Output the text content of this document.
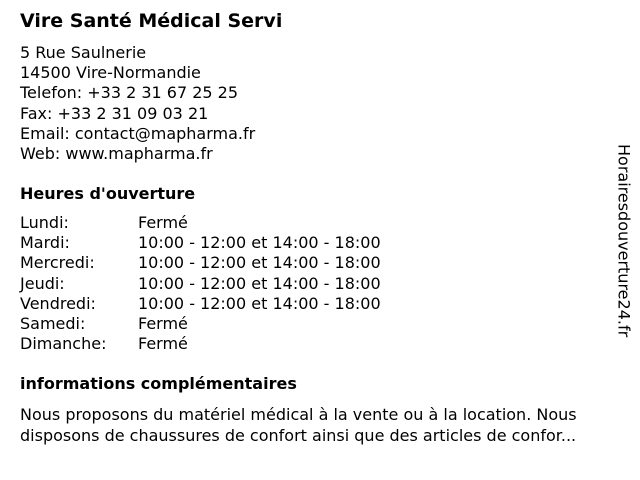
Vire Santé Médical Servi
5 Rue Saulnerie
14500 Vire-Normandie
Telefon: +33 2 31 67 25 25
Fax: +33 2 31 09 03 21
Email: contact@mapharma.fr
Web: www.mapharma.fr
Heures d'ouverture
Lundi:	Fermé
Mardi:	10:00 - 12:00 et 14:00 - 18:00
Mercredi:	10:00 - 12:00 et 14:00 - 18:00
Jeudi:	10:00 - 12:00 et 14:00 - 18:00
Vendredi:	10:00 - 12:00 et 14:00 - 18:00
Samedi:	Fermé
Dimanche:	Fermé
informations complémentaires
Nous proposons du matériel médical à la vente ou à la location. Nous
disposons de chaussures de confort ainsi que des articles de confor...
Horairesdouverture24.fr
